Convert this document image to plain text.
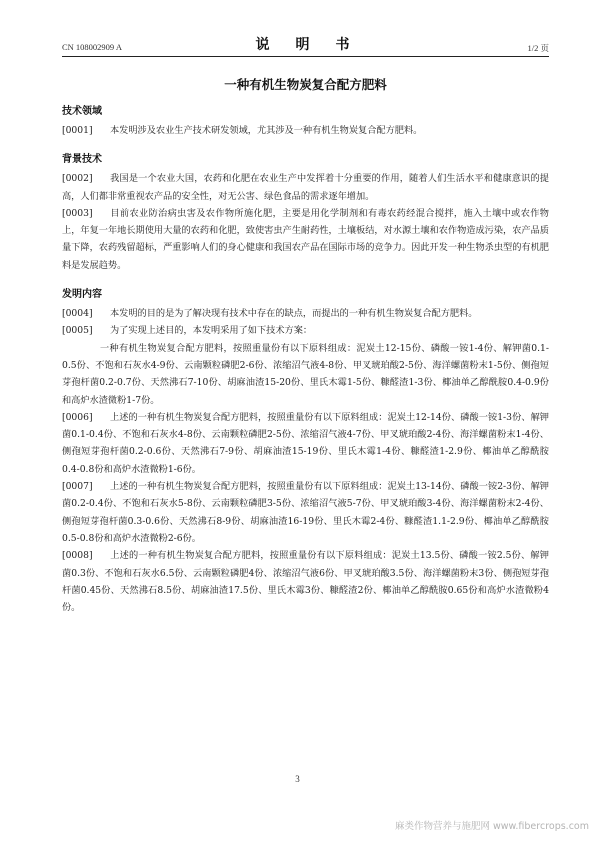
CN 108002909 A	说　明　书	1/2 页
一种有机生物炭复合配方肥料
技术领域

[0001] 本发明涉及农业生产技术研发领域，尤其涉及一种有机生物炭复合配方肥料。

背景技术

[0002] 我国是一个农业大国，农药和化肥在农业生产中发挥着十分重要的作用，随着人们生活水平和健康意识的提高，人们都非常重视农产品的安全性，对无公害、绿色食品的需求逐年增加。

[0003] 目前农业防治病虫害及农作物所施化肥，主要是用化学制剂和有毒农药经混合搅拌，施入土壤中或农作物上，年复一年地长期使用大量的农药和化肥，致使害虫产生耐药性，土壤板结，对水源土壤和农作物造成污染，农产品质量下降，农药残留超标，严重影响人们的身心健康和我国农产品在国际市场的竞争力。因此开发一种生物杀虫型的有机肥料是发展趋势。

发明内容

[0004] 本发明的目的是为了解决现有技术中存在的缺点，而提出的一种有机生物炭复合配方肥料。

[0005] 为了实现上述目的，本发明采用了如下技术方案：

一种有机生物炭复合配方肥料，按照重量份有以下原料组成：泥炭土12-15份、磷酸一铵1-4份、解钾菌0.1-0.5份、不饱和石灰水4-9份、云南颗粒磷肥2-6份、浓缩沼气液4-8份、甲叉琥珀酸2-5份、海洋螺菌粉末1-5份、侧孢短芽孢杆菌0.2-0.7份、天然沸石7-10份、胡麻油渣15-20份、里氏木霉1-5份、糠醛渣1-3份、椰油单乙醇酰胺0.4-0.9份和高炉水渣微粉1-7份。

[0006] 上述的一种有机生物炭复合配方肥料，按照重量份有以下原料组成：泥炭土12-14份、磷酸一铵1-3份、解钾菌0.1-0.4份、不饱和石灰水4-8份、云南颗粒磷肥2-5份、浓缩沼气液4-7份、甲叉琥珀酸2-4份、海洋螺菌粉末1-4份、侧孢短芽孢杆菌0.2-0.6份、天然沸石7-9份、胡麻油渣15-19份、里氏木霉1-4份、糠醛渣1-2.9份、椰油单乙醇酰胺0.4-0.8份和高炉水渣微粉1-6份。

[0007] 上述的一种有机生物炭复合配方肥料，按照重量份有以下原料组成：泥炭土13-14份、磷酸一铵2-3份、解钾菌0.2-0.4份、不饱和石灰水5-8份、云南颗粒磷肥3-5份、浓缩沼气液5-7份、甲叉琥珀酸3-4份、海洋螺菌粉末2-4份、侧孢短芽孢杆菌0.3-0.6份、天然沸石8-9份、胡麻油渣16-19份、里氏木霉2-4份、糠醛渣1.1-2.9份、椰油单乙醇酰胺0.5-0.8份和高炉水渣微粉2-6份。

[0008] 上述的一种有机生物炭复合配方肥料，按照重量份有以下原料组成：泥炭土13.5份、磷酸一铵2.5份、解钾菌0.3份、不饱和石灰水6.5份、云南颗粒磷肥4份、浓缩沼气液6份、甲叉琥珀酸3.5份、海洋螺菌粉末3份、侧孢短芽孢杆菌0.45份、天然沸石8.5份、胡麻油渣17.5份、里氏木霉3份、糠醛渣2份、椰油单乙醇酰胺0.65份和高炉水渣微粉4份。

3
麻类作物营养与施肥网 www.fibercrops.com
